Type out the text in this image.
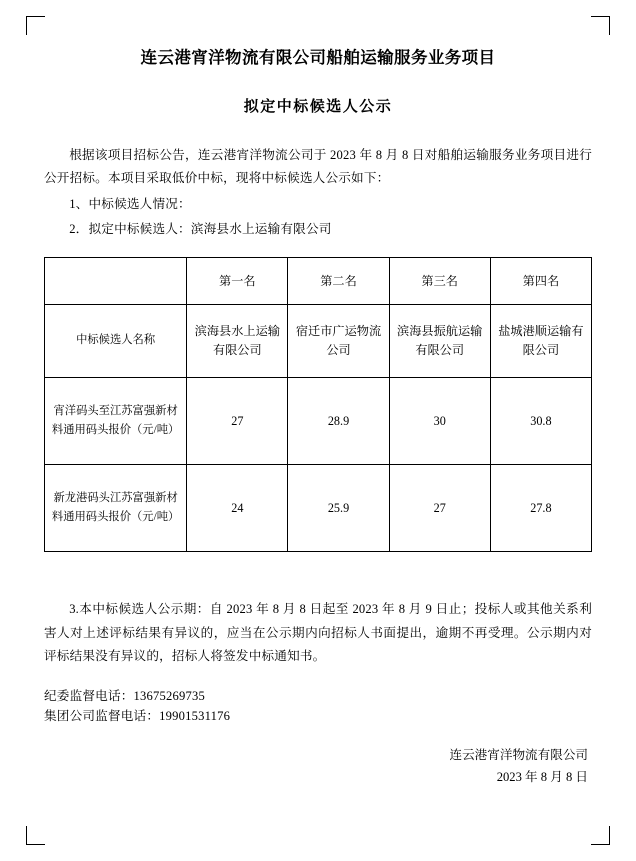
连云港宵洋物流有限公司船舶运输服务业务项目
拟定中标候选人公示

根据该项目招标公告，连云港宵洋物流公司于 2023 年 8 月 8 日对船舶运输服务业务项目进行公开招标。本项目采取低价中标，现将中标候选人公示如下：

1、中标候选人情况：

2．拟定中标候选人：滨海县水上运输有限公司

	第一名	第二名	第三名	第四名
中标候选人名称	滨海县水上运输有限公司	宿迁市广运物流公司	滨海县振航运输有限公司	盐城港顺运输有限公司
宵洋码头至江苏富强新材料通用码头报价（元/吨）	27	28.9	30	30.8
新龙港码头江苏富强新材料通用码头报价（元/吨）	24	25.9	27	27.8

3.本中标候选人公示期：自 2023 年 8 月 8 日起至 2023 年 8 月 9 日止；投标人或其他关系利害人对上述评标结果有异议的，应当在公示期内向招标人书面提出，逾期不再受理。公示期内对评标结果没有异议的，招标人将签发中标通知书。

纪委监督电话：13675269735
集团公司监督电话：19901531176
连云港宵洋物流有限公司
2023 年 8 月 8 日
